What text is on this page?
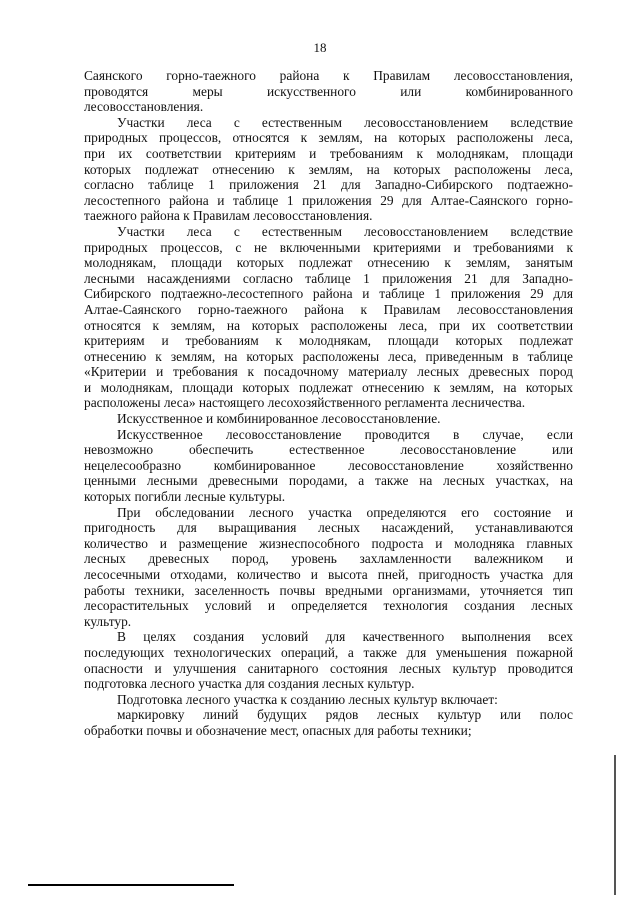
18
Саянского горно-таежного района к Правилам лесовосстановления,
проводятся меры искусственного или комбинированного
лесовосстановления.
Участки леса с естественным лесовосстановлением вследствие
природных процессов, относятся к землям, на которых расположены леса,
при их соответствии критериям и требованиям к молоднякам, площади
которых подлежат отнесению к землям, на которых расположены леса,
согласно таблице 1 приложения 21 для Западно-Сибирского подтаежно-
лесостепного района и таблице 1 приложения 29 для Алтае-Саянского горно-
таежного района к Правилам лесовосстановления.
Участки леса с естественным лесовосстановлением вследствие
природных процессов, с не включенными критериями и требованиями к
молоднякам, площади которых подлежат отнесению к землям, занятым
лесными насаждениями согласно таблице 1 приложения 21 для Западно-
Сибирского подтаежно-лесостепного района и таблице 1 приложения 29 для
Алтае-Саянского горно-таежного района к Правилам лесовосстановления
относятся к землям, на которых расположены леса, при их соответствии
критериям и требованиям к молоднякам, площади которых подлежат
отнесению к землям, на которых расположены леса, приведенным в таблице
«Критерии и требования к посадочному материалу лесных древесных пород
и молоднякам, площади которых подлежат отнесению к землям, на которых
расположены леса» настоящего лесохозяйственного регламента лесничества.
Искусственное и комбинированное лесовосстановление.
Искусственное лесовосстановление проводится в случае, если
невозможно обеспечить естественное лесовосстановление или
нецелесообразно комбинированное лесовосстановление хозяйственно
ценными лесными древесными породами, а также на лесных участках, на
которых погибли лесные культуры.
При обследовании лесного участка определяются его состояние и
пригодность для выращивания лесных насаждений, устанавливаются
количество и размещение жизнеспособного подроста и молодняка главных
лесных древесных пород, уровень захламленности валежником и
лесосечными отходами, количество и высота пней, пригодность участка для
работы техники, заселенность почвы вредными организмами, уточняется тип
лесорастительных условий и определяется технология создания лесных
культур.
В целях создания условий для качественного выполнения всех
последующих технологических операций, а также для уменьшения пожарной
опасности и улучшения санитарного состояния лесных культур проводится
подготовка лесного участка для создания лесных культур.
Подготовка лесного участка к созданию лесных культур включает:
маркировку линий будущих рядов лесных культур или полос
обработки почвы и обозначение мест, опасных для работы техники;
